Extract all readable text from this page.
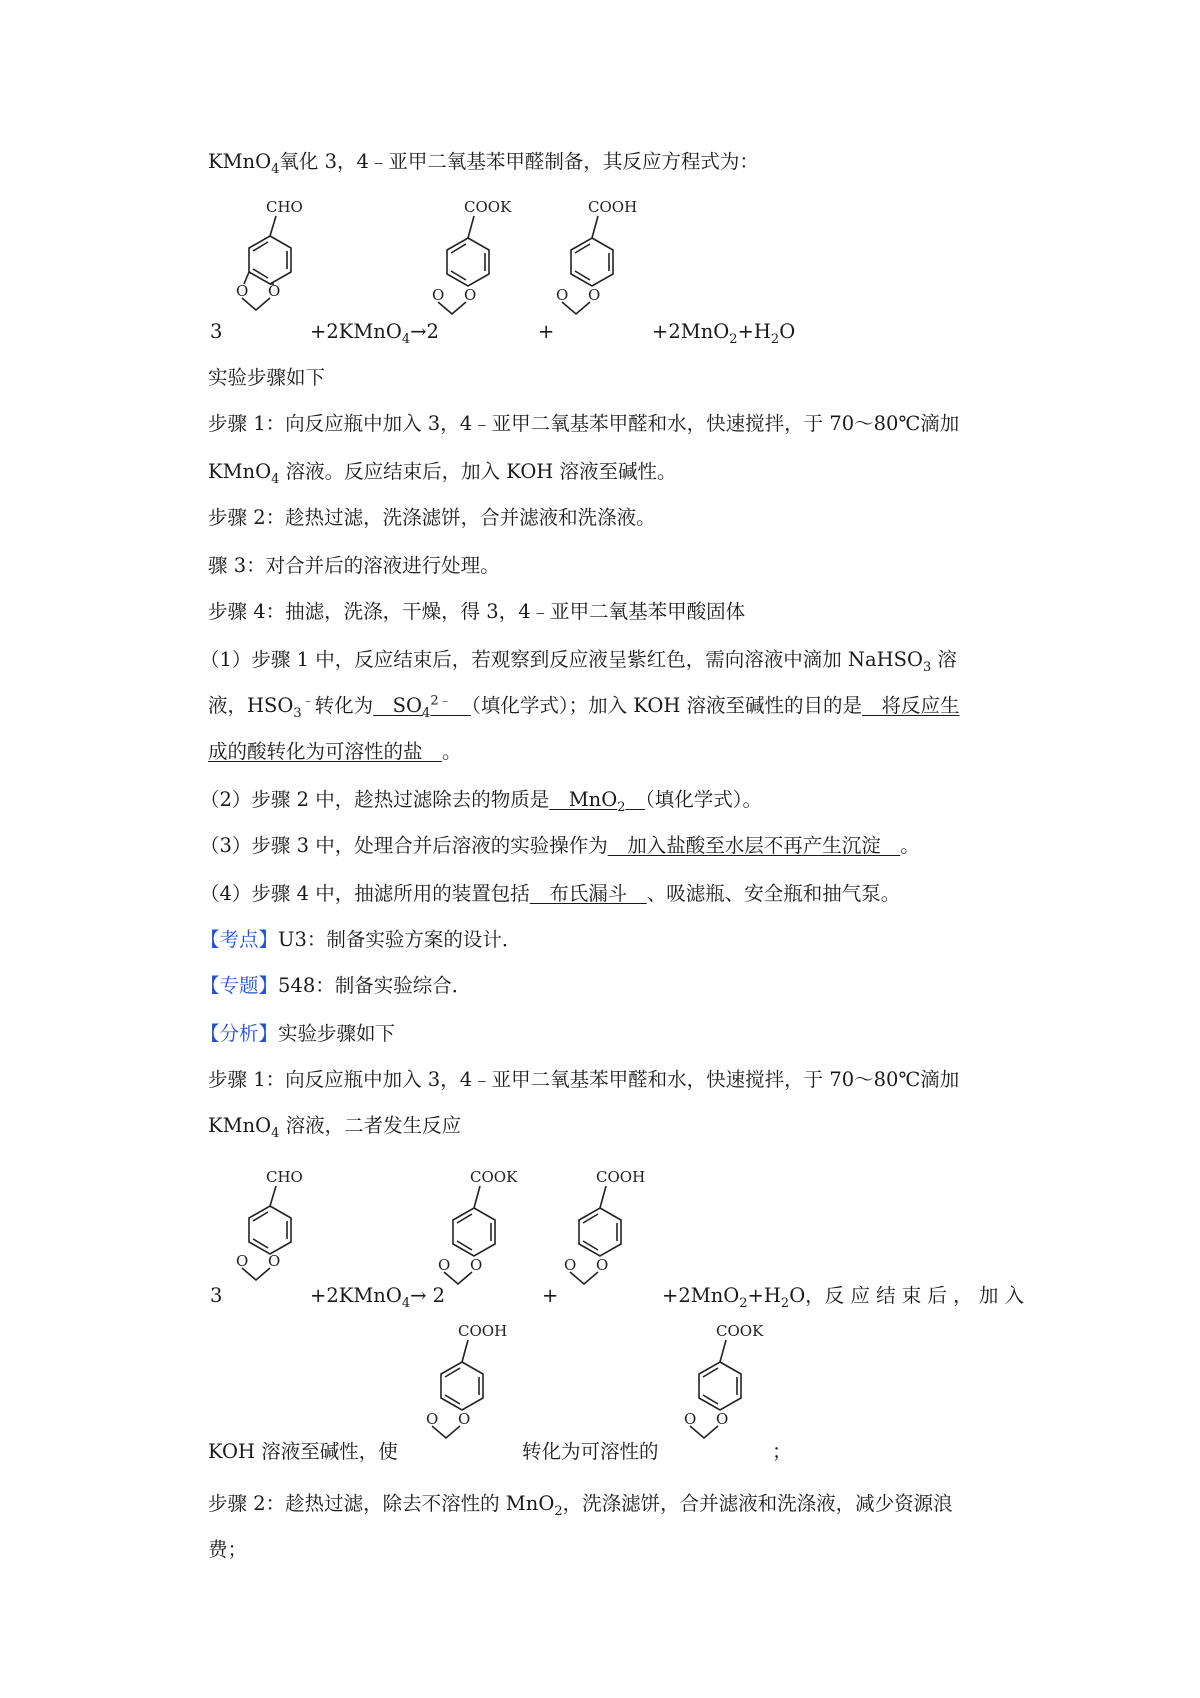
KMnO$_4$氧化 3，4﹣亚甲二氧基苯甲醛制备，其反应方程式为：
CHO
O O
COOK
O O
COOH
O O
3	+2KMnO$_4$→2	+	$+2MnO_2+H_2O$
实验步骤如下
步骤 1：向反应瓶中加入 3，4﹣亚甲二氧基苯甲醛和水，快速搅拌，于 70～80℃滴加
KMnO$_4$ 溶液。反应结束后，加入 KOH 溶液至碱性。
步骤 2：趁热过滤，洗涤滤饼，合并滤液和洗涤液。
骤 3：对合并后的溶液进行处理。
步骤 4：抽滤，洗涤，干燥，得 3，4﹣亚甲二氧基苯甲酸固体
（1）步骤 1 中，反应结束后，若观察到反应液呈紫红色，需向溶液中滴加 NaHSO$_3$ 溶
液，$HSO_3^﹣$转化为　$SO_4^{2﹣}$　 （填化学式）；加入 KOH 溶液至碱性的目的是　将反应生
成的酸转化为可溶性的盐　。
（2）步骤 2 中，趁热过滤除去的物质是　MnO$_2$　 （填化学式）。
（3）步骤 3 中，处理合并后溶液的实验操作为　加入盐酸至水层不再产生沉淀　。
（4）步骤 4 中，抽滤所用的装置包括　布氏漏斗　、吸滤瓶、安全瓶和抽气泵。
【考点】U3：制备实验方案的设计．
【专题】548：制备实验综合．
【分析】实验步骤如下
步骤 1：向反应瓶中加入 3，4﹣亚甲二氧基苯甲醛和水，快速搅拌，于 70～80℃滴加
KMnO$_4$ 溶液，二者发生反应
CHO
O O
COOK
O O
COOH
O O
3	+2KMnO$_4$→ 2	+	$+2MnO_2+H_2O$，反 应 结 束 后 ， 加 入
COOH
O O
COOK
O O
KOH 溶液至碱性，使	转化为可溶性的	；
步骤 2：趁热过滤，除去不溶性的 MnO$_2$，洗涤滤饼，合并滤液和洗涤液，减少资源浪
费；
